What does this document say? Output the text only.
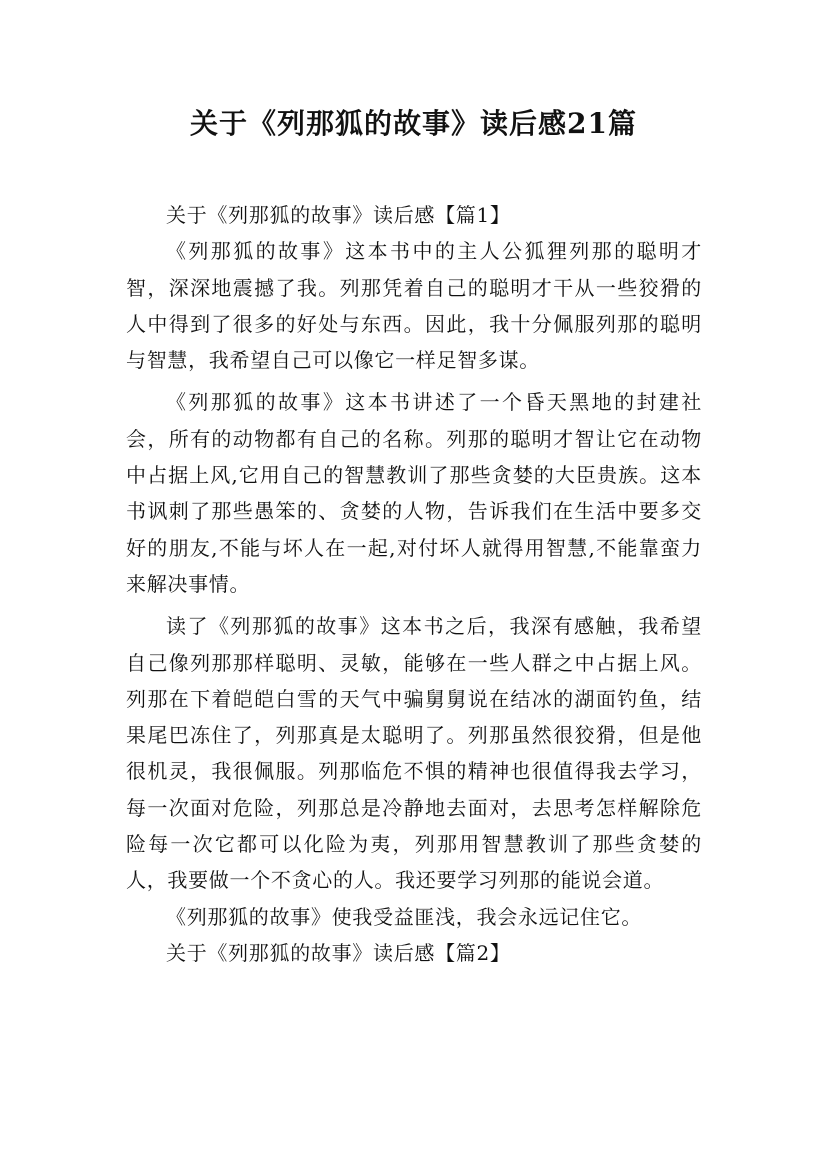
关于《列那狐的故事》读后感21篇

关于《列那狐的故事》读后感【篇1】

《列那狐的故事》这本书中的主人公狐狸列那的聪明才智，深深地震撼了我。列那凭着自己的聪明才干从一些狡猾的人中得到了很多的好处与东西。因此，我十分佩服列那的聪明与智慧，我希望自己可以像它一样足智多谋。

《列那狐的故事》这本书讲述了一个昏天黑地的封建社会，所有的动物都有自己的名称。列那的聪明才智让它在动物中占据上风,它用自己的智慧教训了那些贪婪的大臣贵族。这本书讽刺了那些愚笨的、贪婪的人物，告诉我们在生活中要多交好的朋友,不能与坏人在一起,对付坏人就得用智慧,不能靠蛮力来解决事情。

读了《列那狐的故事》这本书之后，我深有感触，我希望自己像列那那样聪明、灵敏，能够在一些人群之中占据上风。列那在下着皑皑白雪的天气中骗舅舅说在结冰的湖面钓鱼，结果尾巴冻住了，列那真是太聪明了。列那虽然很狡猾，但是他很机灵，我很佩服。列那临危不惧的精神也很值得我去学习，每一次面对危险，列那总是冷静地去面对，去思考怎样解除危险每一次它都可以化险为夷，列那用智慧教训了那些贪婪的人，我要做一个不贪心的人。我还要学习列那的能说会道。

《列那狐的故事》使我受益匪浅，我会永远记住它。

关于《列那狐的故事》读后感【篇2】
